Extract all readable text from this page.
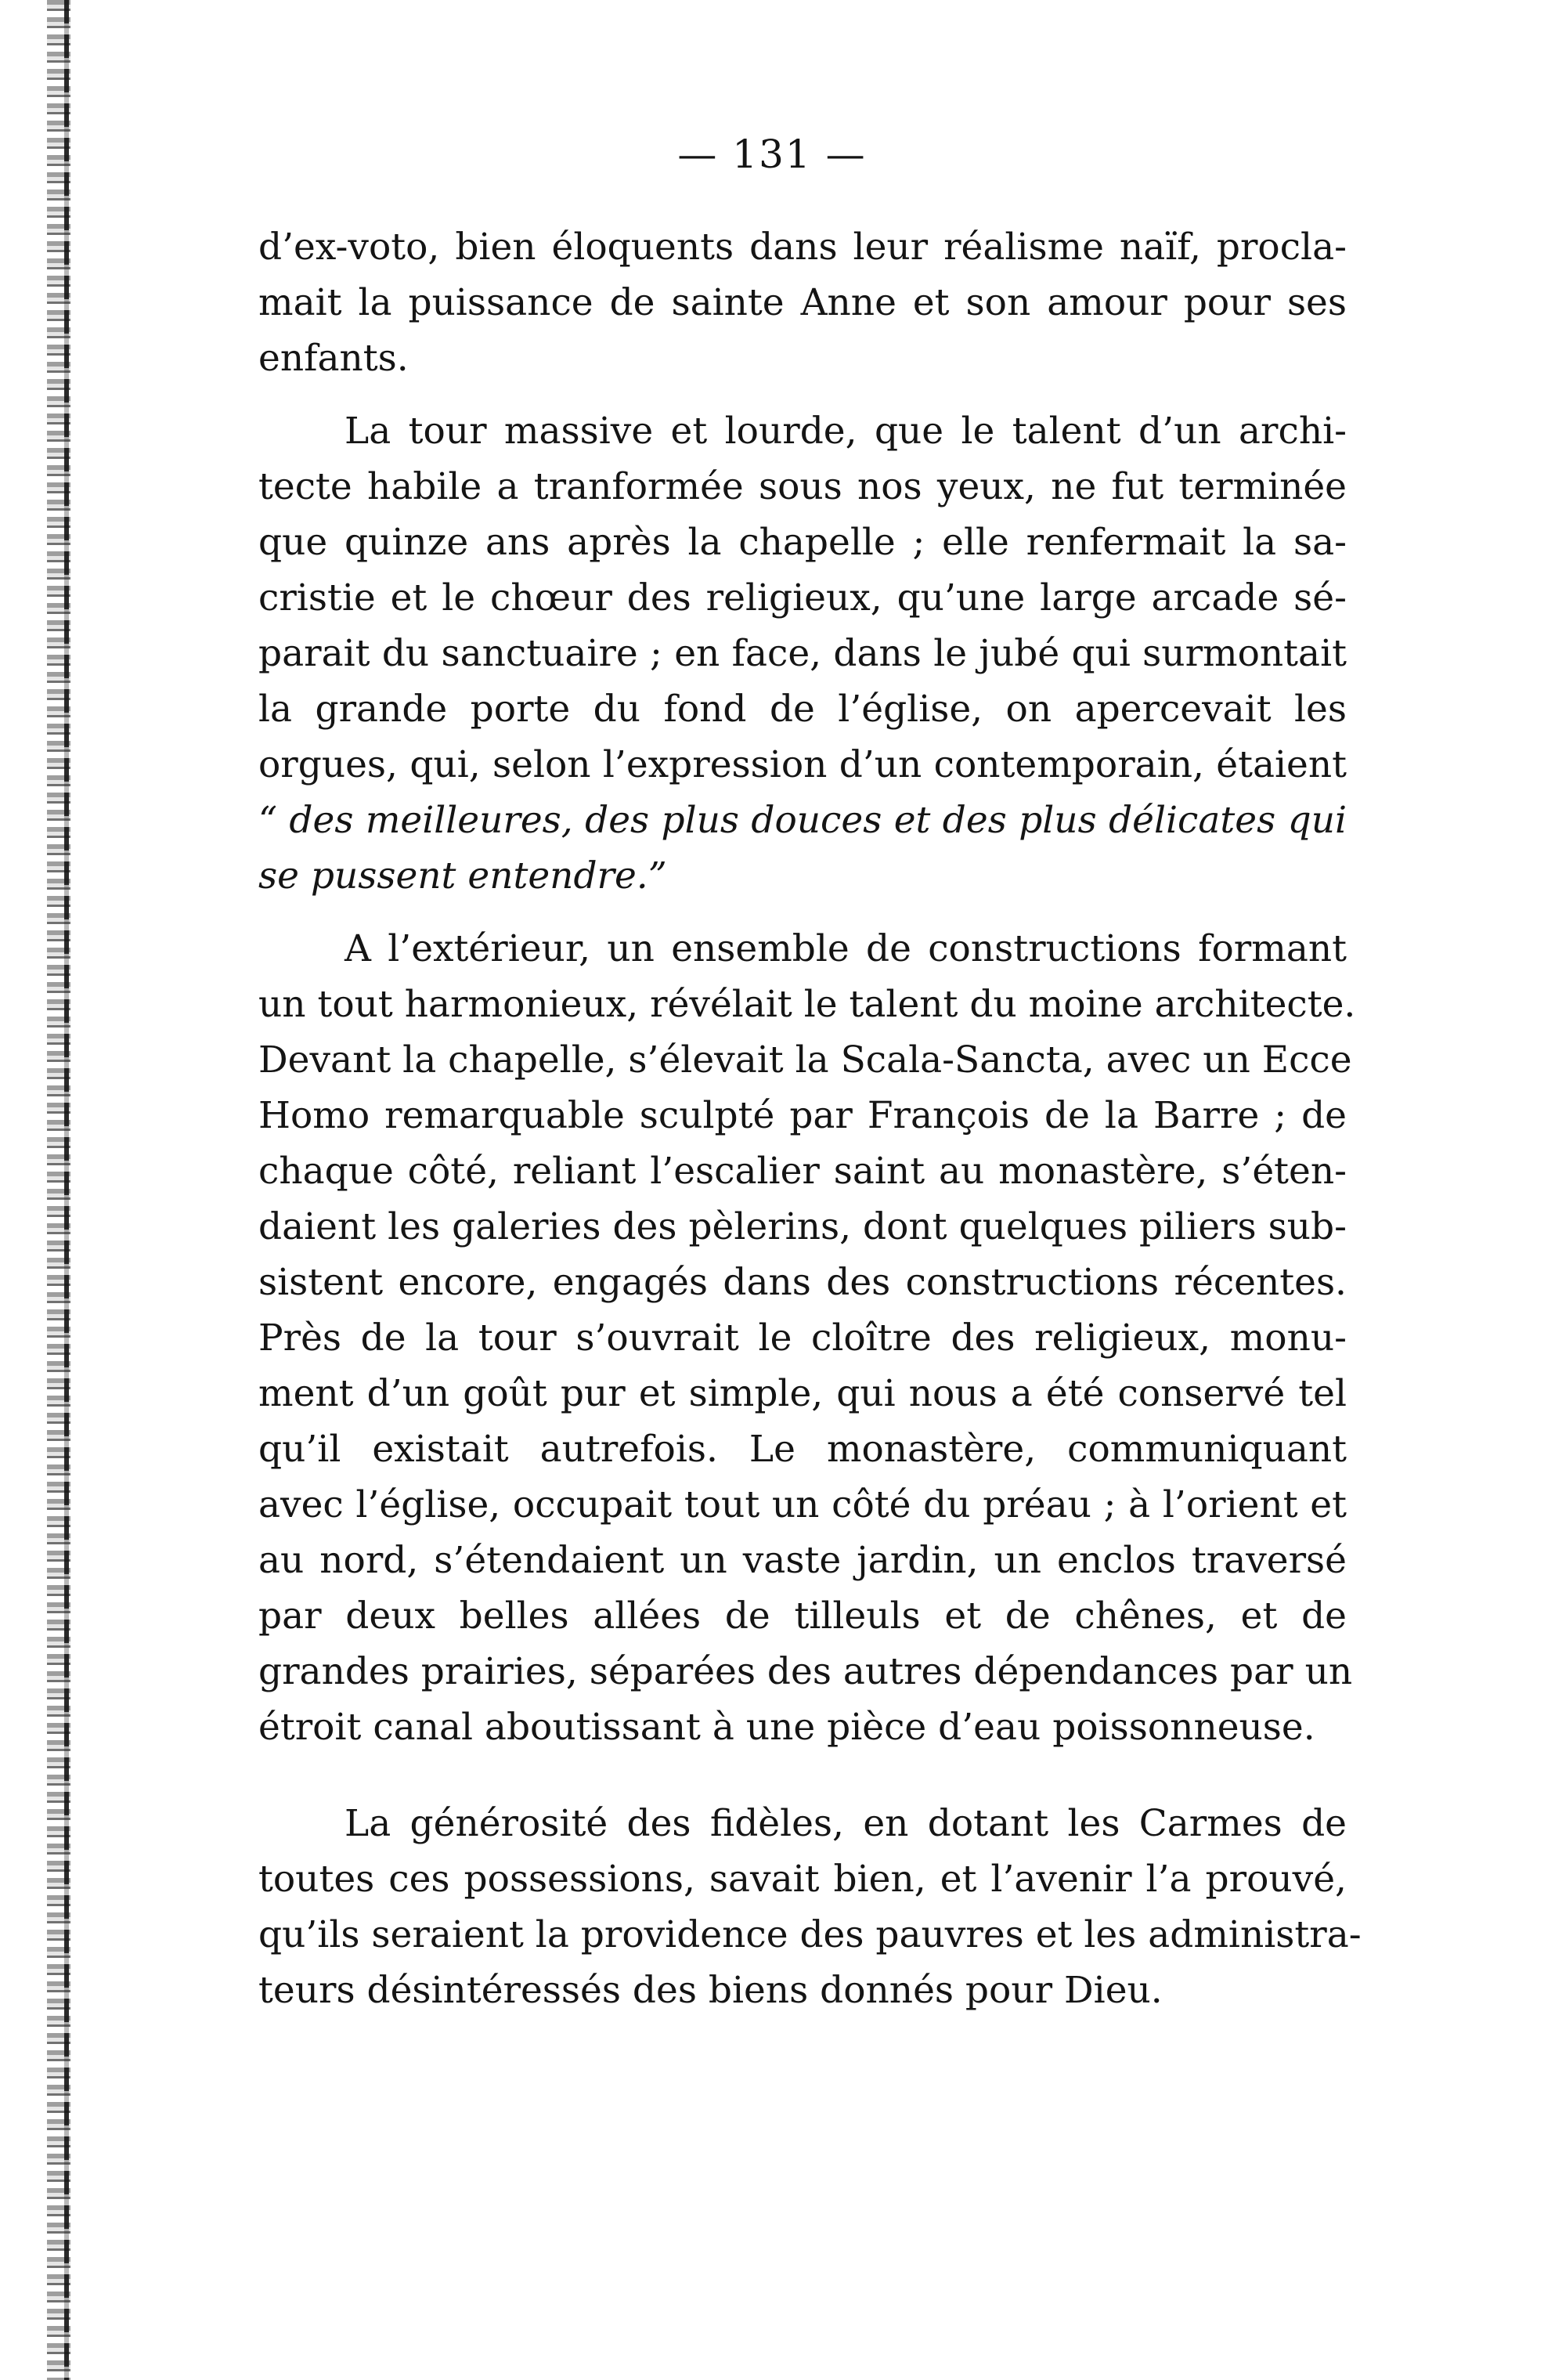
— 131 —
d’ex-voto, bien éloquents dans leur réalisme naïf, procla-
mait la puissance de sainte Anne et son amour pour ses
enfants.
La tour massive et lourde, que le talent d’un archi-
tecte habile a tranformée sous nos yeux, ne fut terminée
que quinze ans après la chapelle ; elle renfermait la sa-
cristie et le chœur des religieux, qu’une large arcade sé-
parait du sanctuaire ; en face, dans le jubé qui surmontait
la grande porte du fond de l’église, on apercevait les
orgues, qui, selon l’expression d’un contemporain, étaient
“ des meilleures, des plus douces et des plus délicates qui
se pussent entendre.”
A l’extérieur, un ensemble de constructions formant
un tout harmonieux, révélait le talent du moine architecte.
Devant la chapelle, s’élevait la Scala-Sancta, avec un Ecce
Homo remarquable sculpté par François de la Barre ; de
chaque côté, reliant l’escalier saint au monastère, s’éten-
daient les galeries des pèlerins, dont quelques piliers sub-
sistent encore, engagés dans des constructions récentes.
Près de la tour s’ouvrait le cloître des religieux, monu-
ment d’un goût pur et simple, qui nous a été conservé tel
qu’il existait autrefois. Le monastère, communiquant
avec l’église, occupait tout un côté du préau ; à l’orient et
au nord, s’étendaient un vaste jardin, un enclos traversé
par deux belles allées de tilleuls et de chênes, et de
grandes prairies, séparées des autres dépendances par un
étroit canal aboutissant à une pièce d’eau poissonneuse.
La générosité des fidèles, en dotant les Carmes de
toutes ces possessions, savait bien, et l’avenir l’a prouvé,
qu’ils seraient la providence des pauvres et les administra-
teurs désintéressés des biens donnés pour Dieu.
